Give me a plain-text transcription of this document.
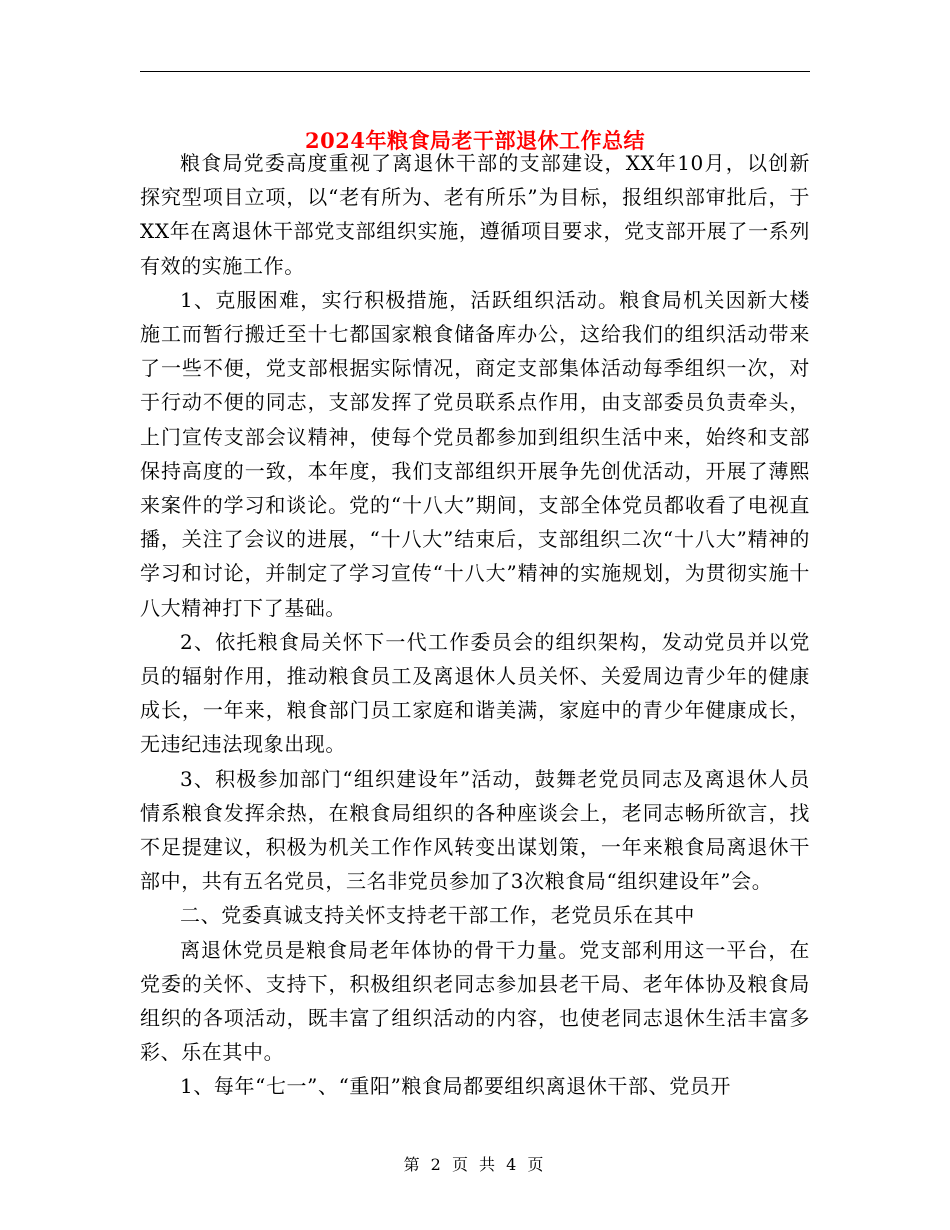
2024年粮食局老干部退休工作总结

粮食局党委高度重视了离退休干部的支部建设，XX年10月，以创新探究型项目立项，以“老有所为、老有所乐”为目标，报组织部审批后，于XX年在离退休干部党支部组织实施，遵循项目要求，党支部开展了一系列有效的实施工作。

1、克服困难，实行积极措施，活跃组织活动。粮食局机关因新大楼施工而暂行搬迁至十七都国家粮食储备库办公，这给我们的组织活动带来了一些不便，党支部根据实际情况，商定支部集体活动每季组织一次，对于行动不便的同志，支部发挥了党员联系点作用，由支部委员负责牵头，上门宣传支部会议精神，使每个党员都参加到组织生活中来，始终和支部保持高度的一致，本年度，我们支部组织开展争先创优活动，开展了薄熙来案件的学习和谈论。党的“十八大”期间，支部全体党员都收看了电视直播，关注了会议的进展，“十八大”结束后，支部组织二次“十八大”精神的学习和讨论，并制定了学习宣传“十八大”精神的实施规划，为贯彻实施十八大精神打下了基础。

2、依托粮食局关怀下一代工作委员会的组织架构，发动党员并以党员的辐射作用，推动粮食员工及离退休人员关怀、关爱周边青少年的健康成长，一年来，粮食部门员工家庭和谐美满，家庭中的青少年健康成长，无违纪违法现象出现。

3、积极参加部门“组织建设年”活动，鼓舞老党员同志及离退休人员情系粮食发挥余热，在粮食局组织的各种座谈会上，老同志畅所欲言，找不足提建议，积极为机关工作作风转变出谋划策，一年来粮食局离退休干部中，共有五名党员，三名非党员参加了3次粮食局“组织建设年”会。

二、党委真诚支持关怀支持老干部工作，老党员乐在其中

离退休党员是粮食局老年体协的骨干力量。党支部利用这一平台，在党委的关怀、支持下，积极组织老同志参加县老干局、老年体协及粮食局组织的各项活动，既丰富了组织活动的内容，也使老同志退休生活丰富多彩、乐在其中。

1、每年“七一”、“重阳”粮食局都要组织离退休干部、党员开

第 2 页 共 4 页
